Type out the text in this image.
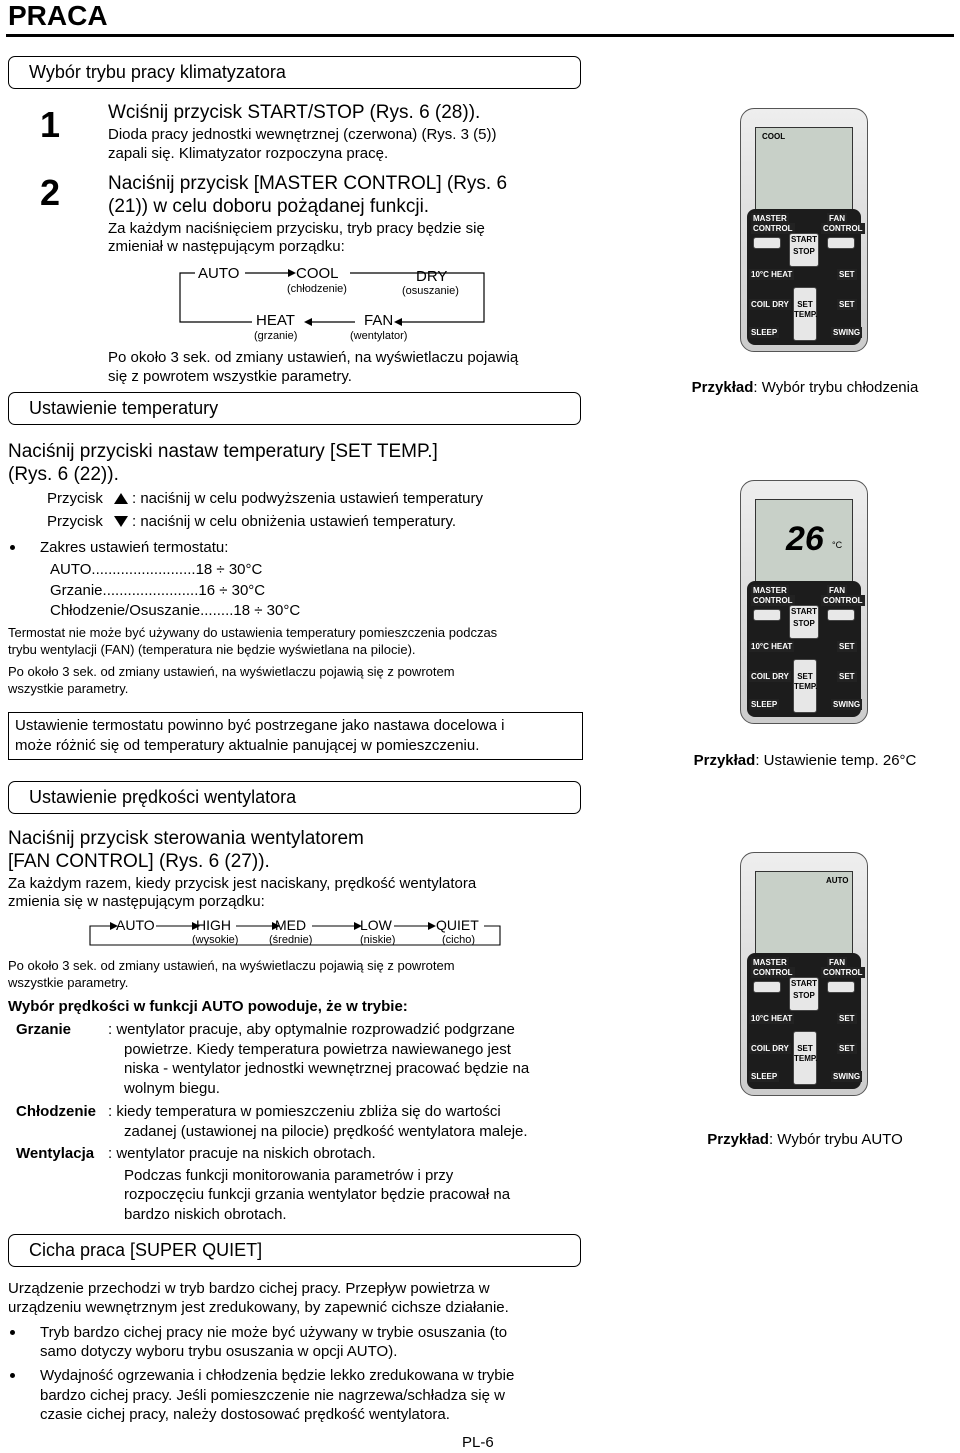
PRACA
Wybór trybu pracy klimatyzatora
1	Wciśnij przycisk START/STOP (Rys. 6 (28)).
Dioda pracy jednostki wewnętrznej (czerwona) (Rys. 3 (5))
zapali się. Klimatyzator rozpoczyna pracę.
2	Naciśnij przycisk [MASTER CONTROL] (Rys. 6
(21)) w celu doboru pożądanej funkcji.
Za każdym naciśnięciem przycisku, tryb pracy będzie się
zmieniał w następującym porządku:
AUTO	COOL
(chłodzenie)
DRY
(osuszanie)
HEAT
(grzanie)
FAN
(wentylator)
Po około 3 sek. od zmiany ustawień, na wyświetlaczu pojawią
się z powrotem wszystkie parametry.
Ustawienie temperatury
Naciśnij przyciski nastaw temperatury [SET TEMP.]
(Rys. 6 (22)).
Przycisk : naciśnij w celu podwyższenia ustawień temperatury
Przycisk : naciśnij w celu obniżenia ustawień temperatury.
Zakres ustawień termostatu:
AUTO.........................18 ÷ 30°C
Grzanie.......................16 ÷ 30°C
Chłodzenie/Osuszanie........18 ÷ 30°C
Termostat nie może być używany do ustawienia temperatury pomieszczenia podczas
trybu wentylacji (FAN) (temperatura nie będzie wyświetlana na pilocie).
Po około 3 sek. od zmiany ustawień, na wyświetlaczu pojawią się z powrotem
wszystkie parametry.
Ustawienie termostatu powinno być postrzegane jako nastawa docelowa i
może różnić się od temperatury aktualnie panującej w pomieszczeniu.
Ustawienie prędkości wentylatora
Naciśnij przycisk sterowania wentylatorem
[FAN CONTROL] (Rys. 6 (27)).
Za każdym razem, kiedy przycisk jest naciskany, prędkość wentylatora
zmienia się w następującym porządku:
AUTO	HIGH
(wysokie)
MED
(średnie)
LOW
(niskie)
QUIET
(cicho)
Po około 3 sek. od zmiany ustawień, na wyświetlaczu pojawią się z powrotem
wszystkie parametry.
Wybór prędkości w funkcji AUTO powoduje, że w trybie:
Grzanie : wentylator pracuje, aby optymalnie rozprowadzić podgrzane
powietrze. Kiedy temperatura powietrza nawiewanego jest
niska - wentylator jednostki wewnętrznej pracować będzie na
wolnym biegu.
Chłodzenie : kiedy temperatura w pomieszczeniu zbliża się do wartości
zadanej (ustawionej na pilocie) prędkość wentylatora maleje.
Wentylacja : wentylator pracuje na niskich obrotach.
Podczas funkcji monitorowania parametrów i przy
rozpoczęciu funkcji grzania wentylator będzie pracował na
bardzo niskich obrotach.
Cicha praca [SUPER QUIET]
Urządzenie przechodzi w tryb bardzo cichej pracy. Przepływ powietrza w
urządzeniu wewnętrznym jest zredukowany, by zapewnić cichsze działanie.
Tryb bardzo cichej pracy nie może być używany w trybie osuszania (to
samo dotyczy wyboru trybu osuszania w opcji AUTO).
Wydajność ogrzewania i chłodzenia będzie lekko zredukowana w trybie
bardzo cichej pracy. Jeśli pomieszczenie nie nagrzewa/schładza się w
czasie cichej pracy, należy dostosować prędkość wentylatora.
PL-6
COOL
MASTER
CONTROL
FAN
CONTROL
START
STOP
10°C HEAT	SET
COIL DRY	SET
SLEEP	SWING
SET
TEMP.
Przykład: Wybór trybu chłodzenia
26 °C
MASTER
CONTROL
FAN
CONTROL
START
STOP
10°C HEAT	SET
COIL DRY	SET
SLEEP	SWING
SET
TEMP.
Przykład: Ustawienie temp. 26°C
AUTO
MASTER
CONTROL
FAN
CONTROL
START
STOP
10°C HEAT	SET
COIL DRY	SET
SLEEP	SWING
SET
TEMP.
Przykład: Wybór trybu AUTO
